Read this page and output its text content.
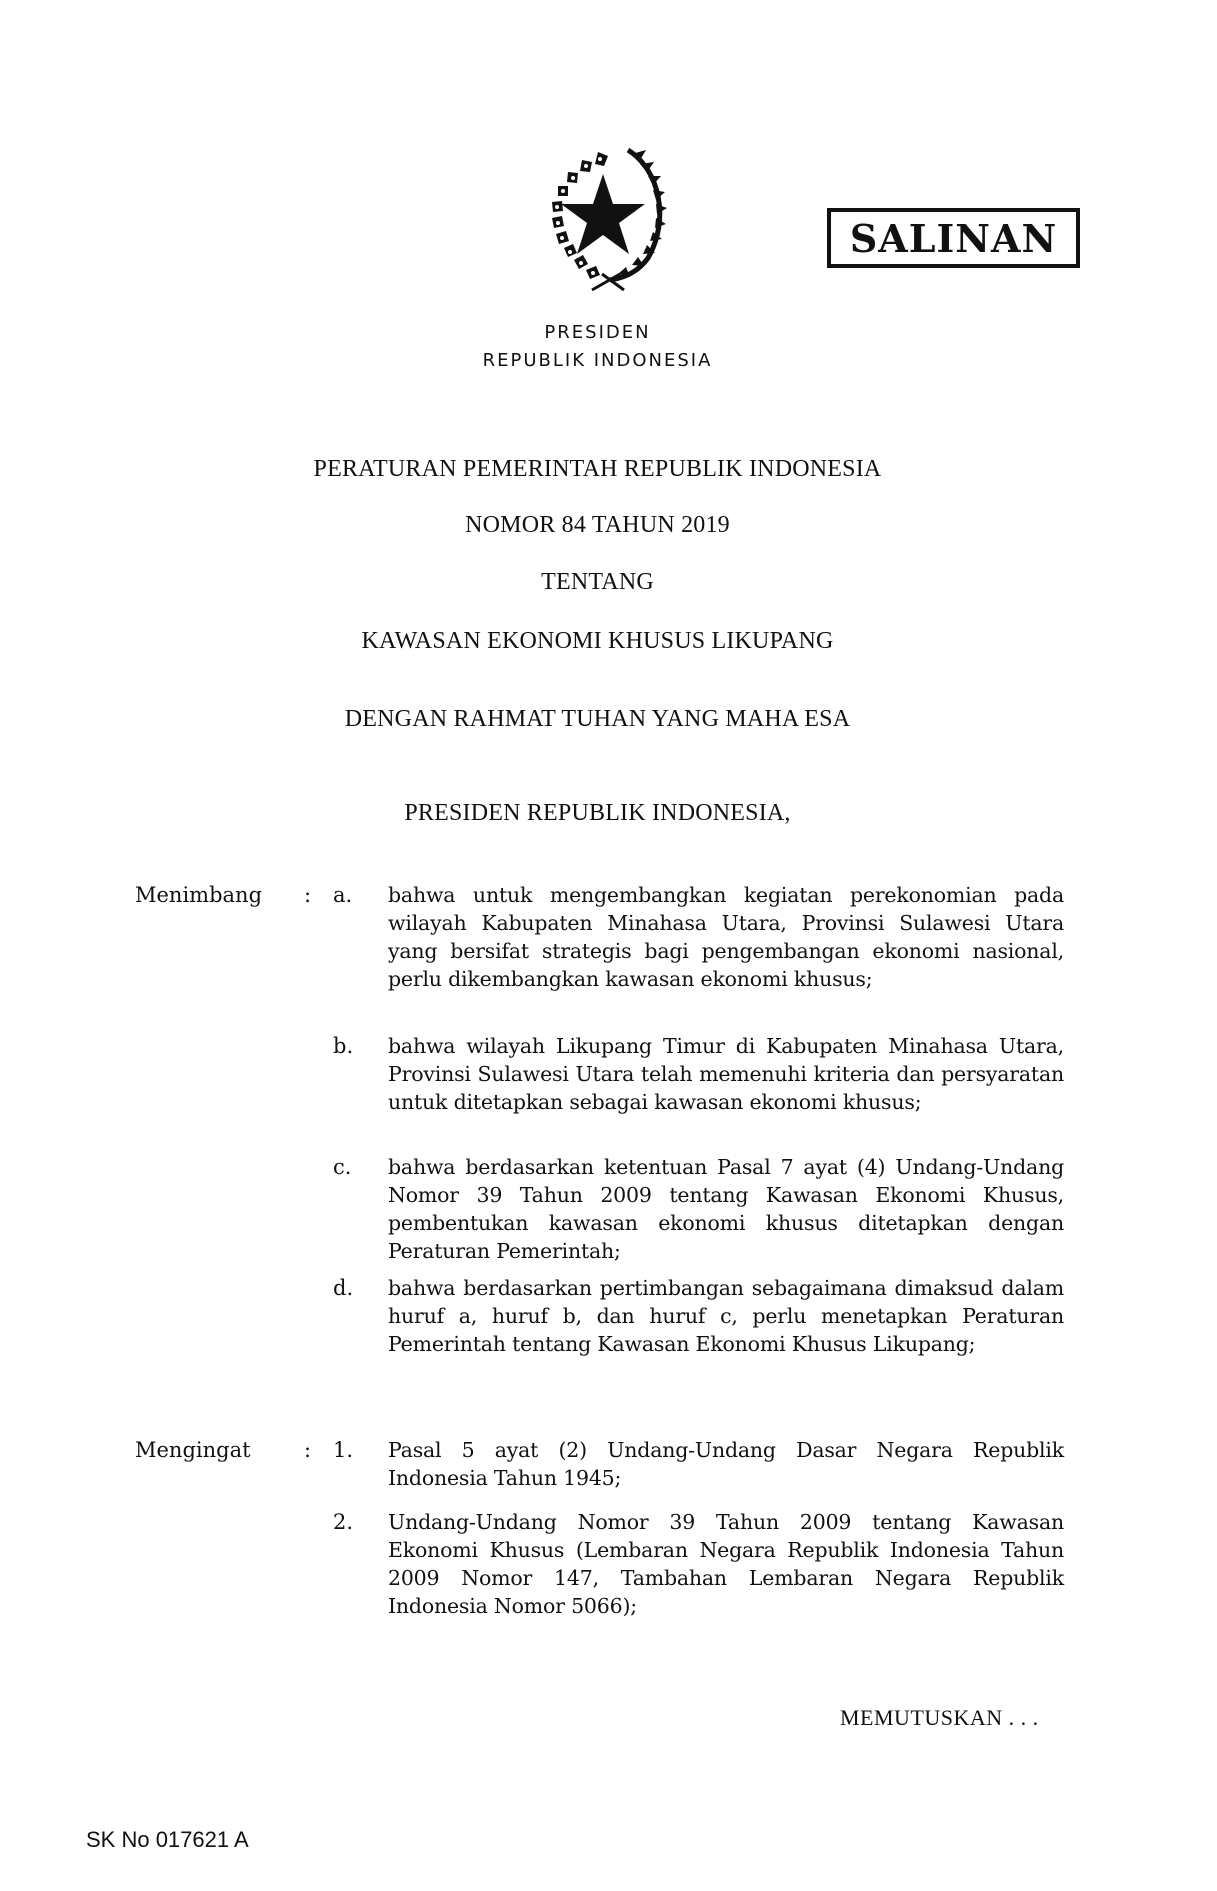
PRESIDEN
REPUBLIK INDONESIA
SALINAN
PERATURAN PEMERINTAH REPUBLIK INDONESIA
NOMOR 84 TAHUN 2019
TENTANG
KAWASAN EKONOMI KHUSUS LIKUPANG
DENGAN RAHMAT TUHAN YANG MAHA ESA
PRESIDEN REPUBLIK INDONESIA,
Menimbang : a. bahwa untuk mengembangkan kegiatan perekonomian pada wilayah Kabupaten Minahasa Utara, Provinsi Sulawesi Utara yang bersifat strategis bagi pengembangan ekonomi nasional, perlu dikembangkan kawasan ekonomi khusus;
b. bahwa wilayah Likupang Timur di Kabupaten Minahasa Utara, Provinsi Sulawesi Utara telah memenuhi kriteria dan persyaratan untuk ditetapkan sebagai kawasan ekonomi khusus;
c. bahwa berdasarkan ketentuan Pasal 7 ayat (4) Undang-Undang Nomor 39 Tahun 2009 tentang Kawasan Ekonomi Khusus, pembentukan kawasan ekonomi khusus ditetapkan dengan Peraturan Pemerintah;
d. bahwa berdasarkan pertimbangan sebagaimana dimaksud dalam huruf a, huruf b, dan huruf c, perlu menetapkan Peraturan Pemerintah tentang Kawasan Ekonomi Khusus Likupang;
Mengingat	: 1. Pasal 5 ayat (2) Undang-Undang Dasar Negara Republik Indonesia Tahun 1945;
2. Undang-Undang Nomor 39 Tahun 2009 tentang Kawasan Ekonomi Khusus (Lembaran Negara Republik Indonesia Tahun 2009 Nomor 147, Tambahan Lembaran Negara Republik Indonesia Nomor 5066);
MEMUTUSKAN . . .
SK No 017621 A
